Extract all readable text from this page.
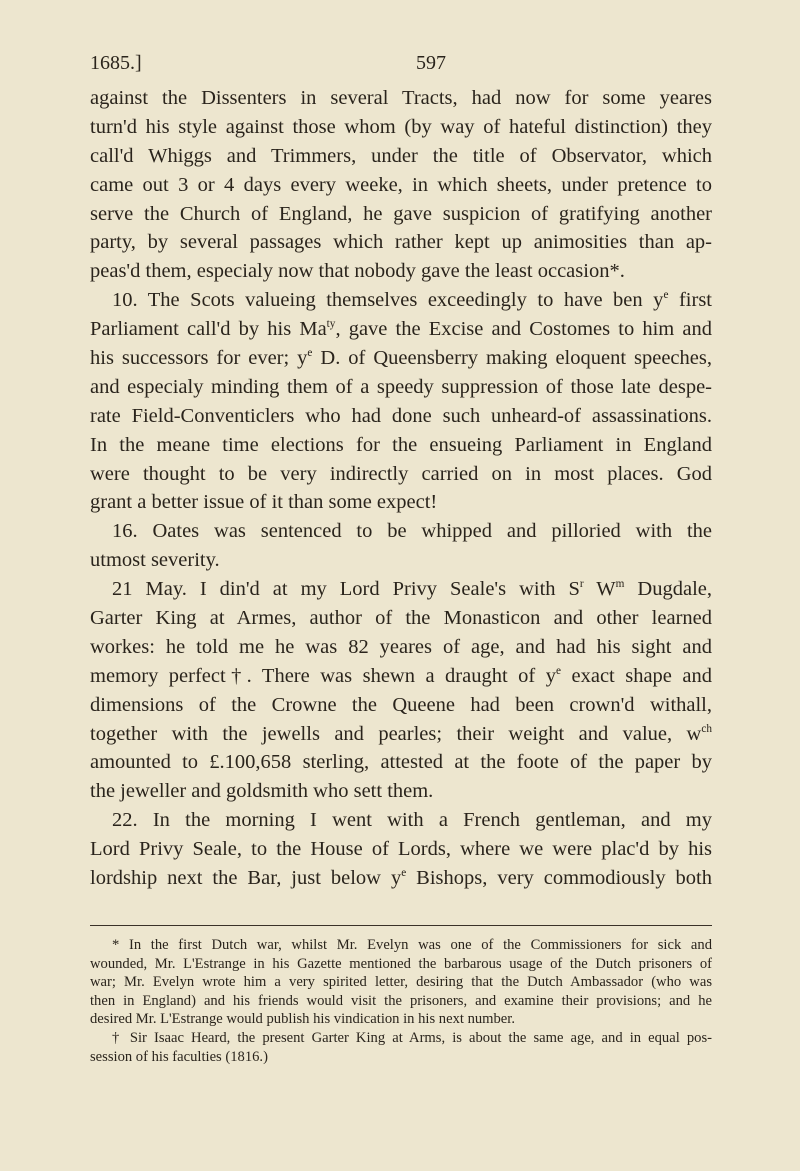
1685.]	597
against the Dissenters in several Tracts, had now for some yeares
turn'd his style against those whom (by way of hateful distinction) they
call'd Whiggs and Trimmers, under the title of Observator, which
came out 3 or 4 days every weeke, in which sheets, under pretence to
serve the Church of England, he gave suspicion of gratifying another
party, by several passages which rather kept up animosities than ap-
peas'd them, especialy now that nobody gave the least occasion*.
10. The Scots valueing themselves exceedingly to have ben $y^e$ first
Parliament call'd by his $Ma^{ty}$, gave the Excise and Costomes to him and
his successors for ever; $y^e$ D. of Queensberry making eloquent speeches,
and especialy minding them of a speedy suppression of those late despe-
rate Field-Conventiclers who had done such unheard-of assassinations.
In the meane time elections for the ensueing Parliament in England
were thought to be very indirectly carried on in most places. God
grant a better issue of it than some expect!
16. Oates was sentenced to be whipped and pilloried with the
utmost severity.
21 May. I din'd at my Lord Privy Seale's with $S^r$ $W^m$ Dugdale,
Garter King at Armes, author of the Monasticon and other learned
workes: he told me he was 82 yeares of age, and had his sight and
memory perfect†. There was shewn a draught of $y^e$ exact shape and
dimensions of the Crowne the Queene had been crown'd withall,
together with the jewells and pearles; their weight and value, $w^{ch}$
amounted to £.100,658 sterling, attested at the foote of the paper by
the jeweller and goldsmith who sett them.
22. In the morning I went with a French gentleman, and my
Lord Privy Seale, to the House of Lords, where we were plac'd by his
lordship next the Bar, just below $y^e$ Bishops, very commodiously both
* In the first Dutch war, whilst Mr. Evelyn was one of the Commissioners for sick and
wounded, Mr. L'Estrange in his Gazette mentioned the barbarous usage of the Dutch prisoners of
war; Mr. Evelyn wrote him a very spirited letter, desiring that the Dutch Ambassador (who was
then in England) and his friends would visit the prisoners, and examine their provisions; and he
desired Mr. L'Estrange would publish his vindication in his next number.
† Sir Isaac Heard, the present Garter King at Arms, is about the same age, and in equal pos-
session of his faculties (1816.)
